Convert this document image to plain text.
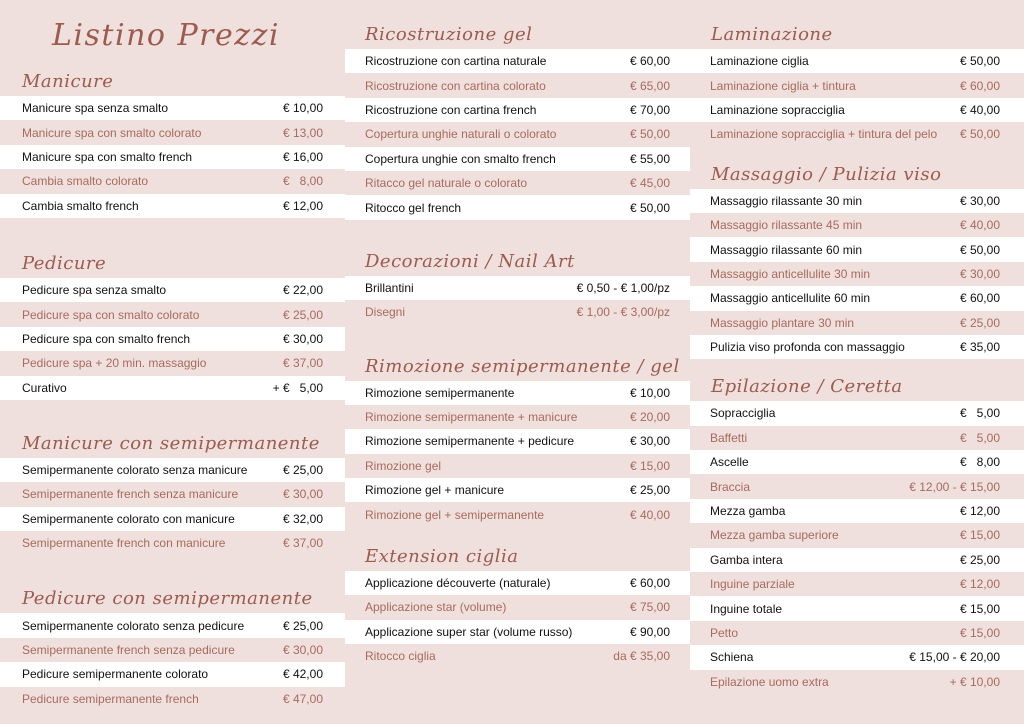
Listino Prezzi
Manicure
Manicure spa senza smalto	€ 10,00
Manicure spa con smalto colorato	€ 13,00
Manicure spa con smalto french	€ 16,00
Cambia smalto colorato	€   8,00
Cambia smalto french	€ 12,00
Pedicure
Pedicure spa senza smalto	€ 22,00
Pedicure spa con smalto colorato	€ 25,00
Pedicure spa con smalto french	€ 30,00
Pedicure spa + 20 min. massaggio	€ 37,00
Curativo	+ €   5,00
Manicure con semipermanente
Semipermanente colorato senza manicure	€ 25,00
Semipermanente french senza manicure	€ 30,00
Semipermanente colorato con manicure	€ 32,00
Semipermanente french con manicure	€ 37,00
Pedicure con semipermanente
Semipermanente colorato senza pedicure	€ 25,00
Semipermanente french senza pedicure	€ 30,00
Pedicure semipermanente colorato	€ 42,00
Pedicure semipermanente french	€ 47,00
Ricostruzione gel
Ricostruzione con cartina naturale	€ 60,00
Ricostruzione con cartina colorato	€ 65,00
Ricostruzione con cartina french	€ 70,00
Copertura unghie naturali o colorato	€ 50,00
Copertura unghie con smalto french	€ 55,00
Ritacco gel naturale o colorato	€ 45,00
Ritocco gel french	€ 50,00
Decorazioni / Nail Art
Brillantini	€ 0,50 - € 1,00/pz
Disegni	€ 1,00 - € 3,00/pz
Rimozione semipermanente / gel
Rimozione semipermanente	€ 10,00
Rimozione semipermanente + manicure	€ 20,00
Rimozione semipermanente + pedicure	€ 30,00
Rimozione gel	€ 15,00
Rimozione gel + manicure	€ 25,00
Rimozione gel + semipermanente	€ 40,00
Extension ciglia
Applicazione découverte (naturale)	€ 60,00
Applicazione star (volume)	€ 75,00
Applicazione super star (volume russo)	€ 90,00
Ritocco ciglia	da € 35,00
Laminazione
Laminazione ciglia	€ 50,00
Laminazione ciglia + tintura	€ 60,00
Laminazione sopracciglia	€ 40,00
Laminazione sopracciglia + tintura del pelo € 50,00
Massaggio / Pulizia viso
Massaggio rilassante 30 min	€ 30,00
Massaggio rilassante 45 min	€ 40,00
Massaggio rilassante 60 min	€ 50,00
Massaggio anticellulite 30 min	€ 30,00
Massaggio anticellulite 60 min	€ 60,00
Massaggio plantare 30 min	€ 25,00
Pulizia viso profonda con massaggio	€ 35,00
Epilazione / Ceretta
Sopracciglia	€   5,00
Baffetti	€   5,00
Ascelle	€   8,00
Braccia	€ 12,00 - € 15,00
Mezza gamba	€ 12,00
Mezza gamba superiore	€ 15,00
Gamba intera	€ 25,00
Inguine parziale	€ 12,00
Inguine totale	€ 15,00
Petto	€ 15,00
Schiena	€ 15,00 - € 20,00
Epilazione uomo extra	+ € 10,00
